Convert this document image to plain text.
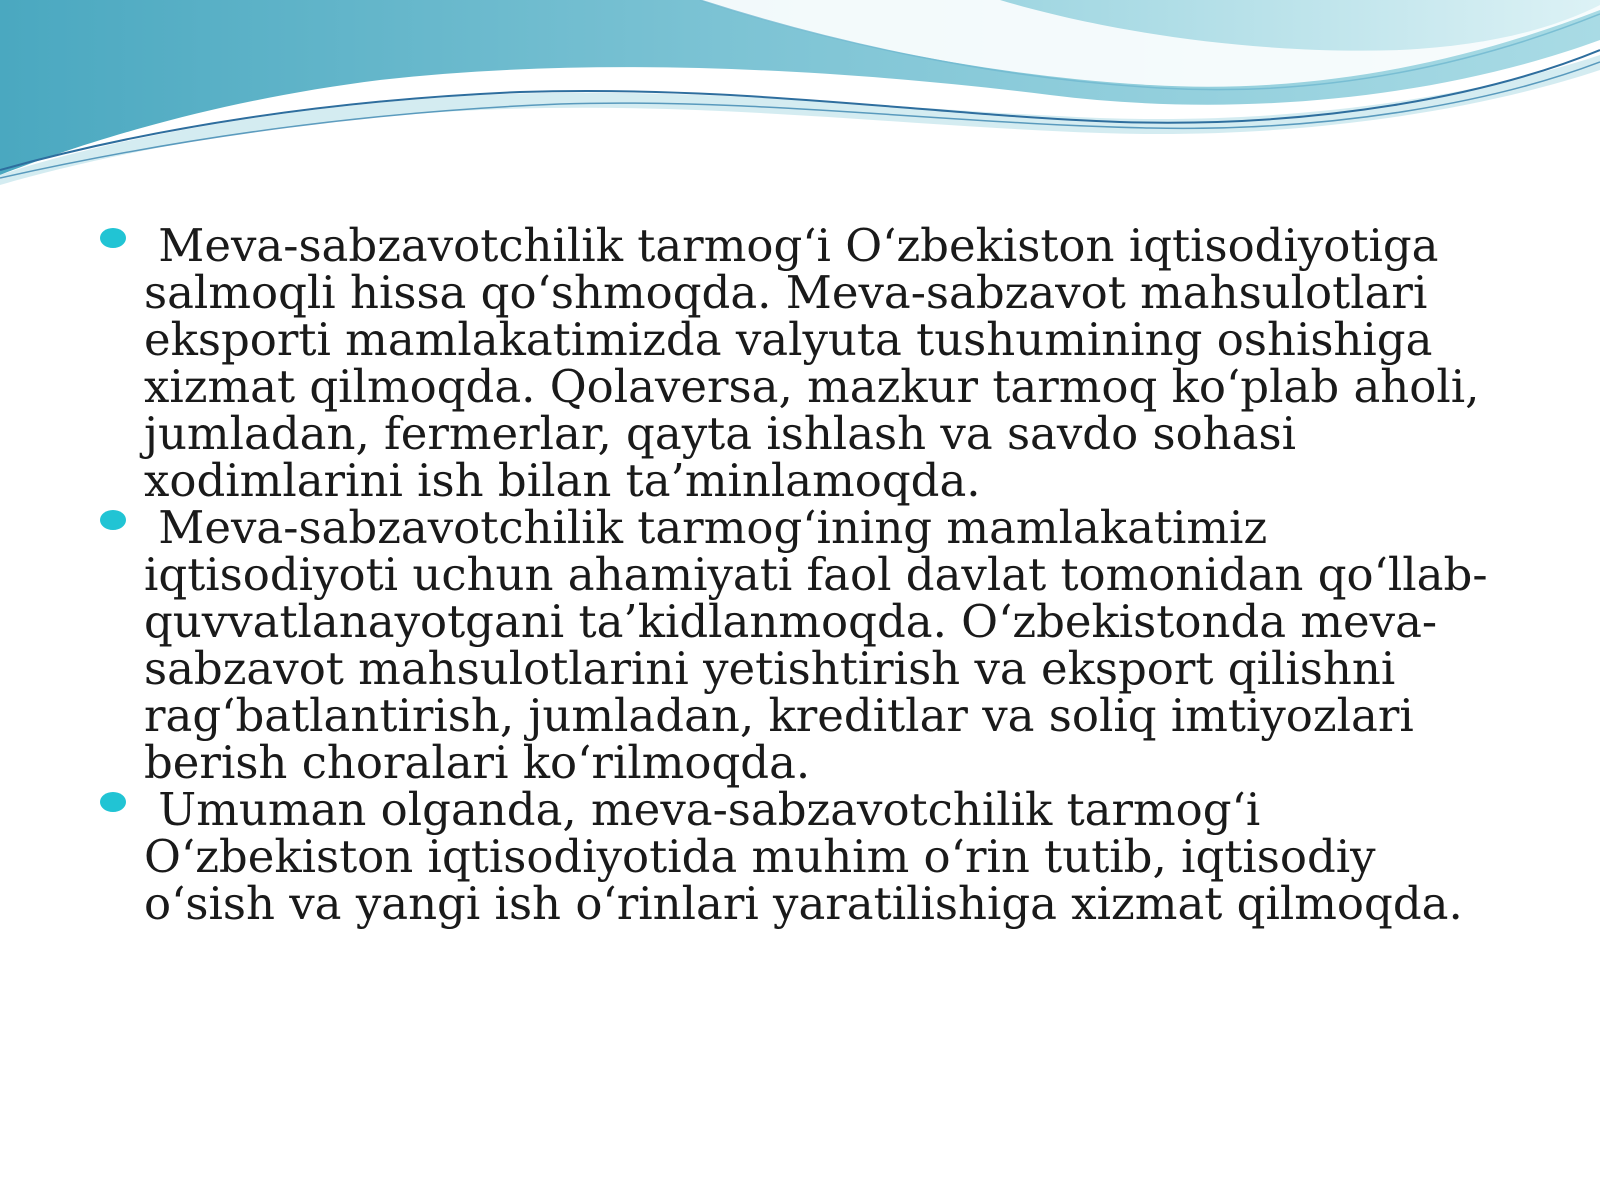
Meva-sabzavotchilik tarmog‘i O‘zbekiston iqtisodiyotiga salmoqli hissa qo‘shmoqda. Meva-sabzavot mahsulotlari eksporti mamlakatimizda valyuta tushumining oshishiga xizmat qilmoqda. Qolaversa, mazkur tarmoq ko‘plab aholi, jumladan, fermerlar, qayta ishlash va savdo sohasi xodimlarini ish bilan ta’minlamoqda.
Meva-sabzavotchilik tarmog‘ining mamlakatimiz iqtisodiyoti uchun ahamiyati faol davlat tomonidan qo‘llab-quvvatlanayotgani ta’kidlanmoqda. O‘zbekistonda meva-sabzavot mahsulotlarini yetishtirish va eksport qilishni rag‘batlantirish, jumladan, kreditlar va soliq imtiyozlari berish choralari ko‘rilmoqda.
Umuman olganda, meva-sabzavotchilik tarmog‘i O‘zbekiston iqtisodiyotida muhim o‘rin tutib, iqtisodiy o‘sish va yangi ish o‘rinlari yaratilishiga xizmat qilmoqda.
